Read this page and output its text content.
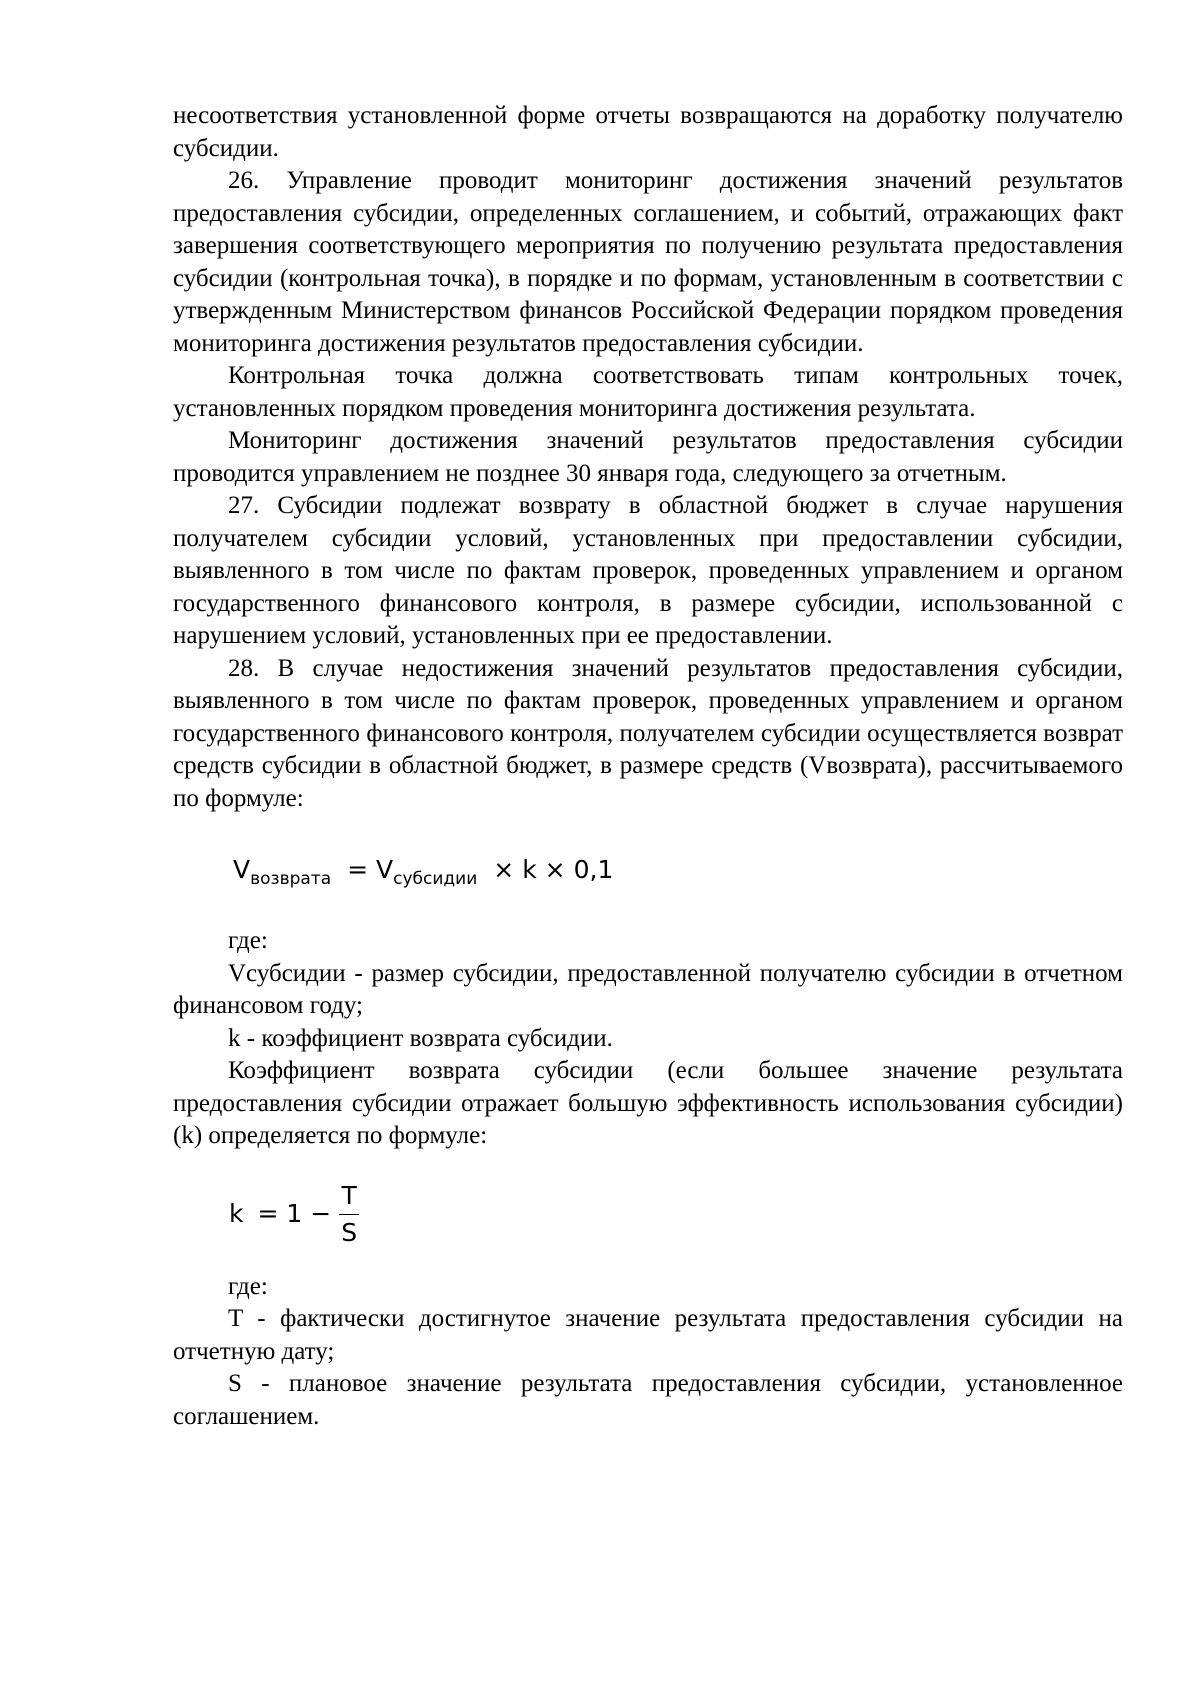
несоответствия установленной форме отчеты возвращаются на доработку получателю субсидии.

26. Управление проводит мониторинг достижения значений результатов предоставления субсидии, определенных соглашением, и событий, отражающих факт завершения соответствующего мероприятия по получению результата предоставления субсидии (контрольная точка), в порядке и по формам, установленным в соответствии с утвержденным Министерством финансов Российской Федерации порядком проведения мониторинга достижения результатов предоставления субсидии.

Контрольная точка должна соответствовать типам контрольных точек, установленных порядком проведения мониторинга достижения результата.

Мониторинг достижения значений результатов предоставления субсидии проводится управлением не позднее 30 января года, следующего за отчетным.

27. Субсидии подлежат возврату в областной бюджет в случае нарушения получателем субсидии условий, установленных при предоставлении субсидии, выявленного в том числе по фактам проверок, проведенных управлением и органом государственного финансового контроля, в размере субсидии, использованной с нарушением условий, установленных при ее предоставлении.

28. В случае недостижения значений результатов предоставления субсидии, выявленного в том числе по фактам проверок, проведенных управлением и органом государственного финансового контроля, получателем субсидии осуществляется возврат средств субсидии в областной бюджет, в размере средств (Vвозврата), рассчитываемого по формуле:

$V_{возврата} = V_{субсидии} \times k \times 0,1$

где:

Vсубсидии - размер субсидии, предоставленной получателю субсидии в отчетном финансовом году;

k - коэффициент возврата субсидии.

Коэффициент возврата субсидии (если большее значение результата предоставления субсидии отражает большую эффективность использования субсидии) (k) определяется по формуле:

$k = 1 - \frac{T}{S}$

где:

T - фактически достигнутое значение результата предоставления субсидии на отчетную дату;

S - плановое значение результата предоставления субсидии, установленное соглашением.
